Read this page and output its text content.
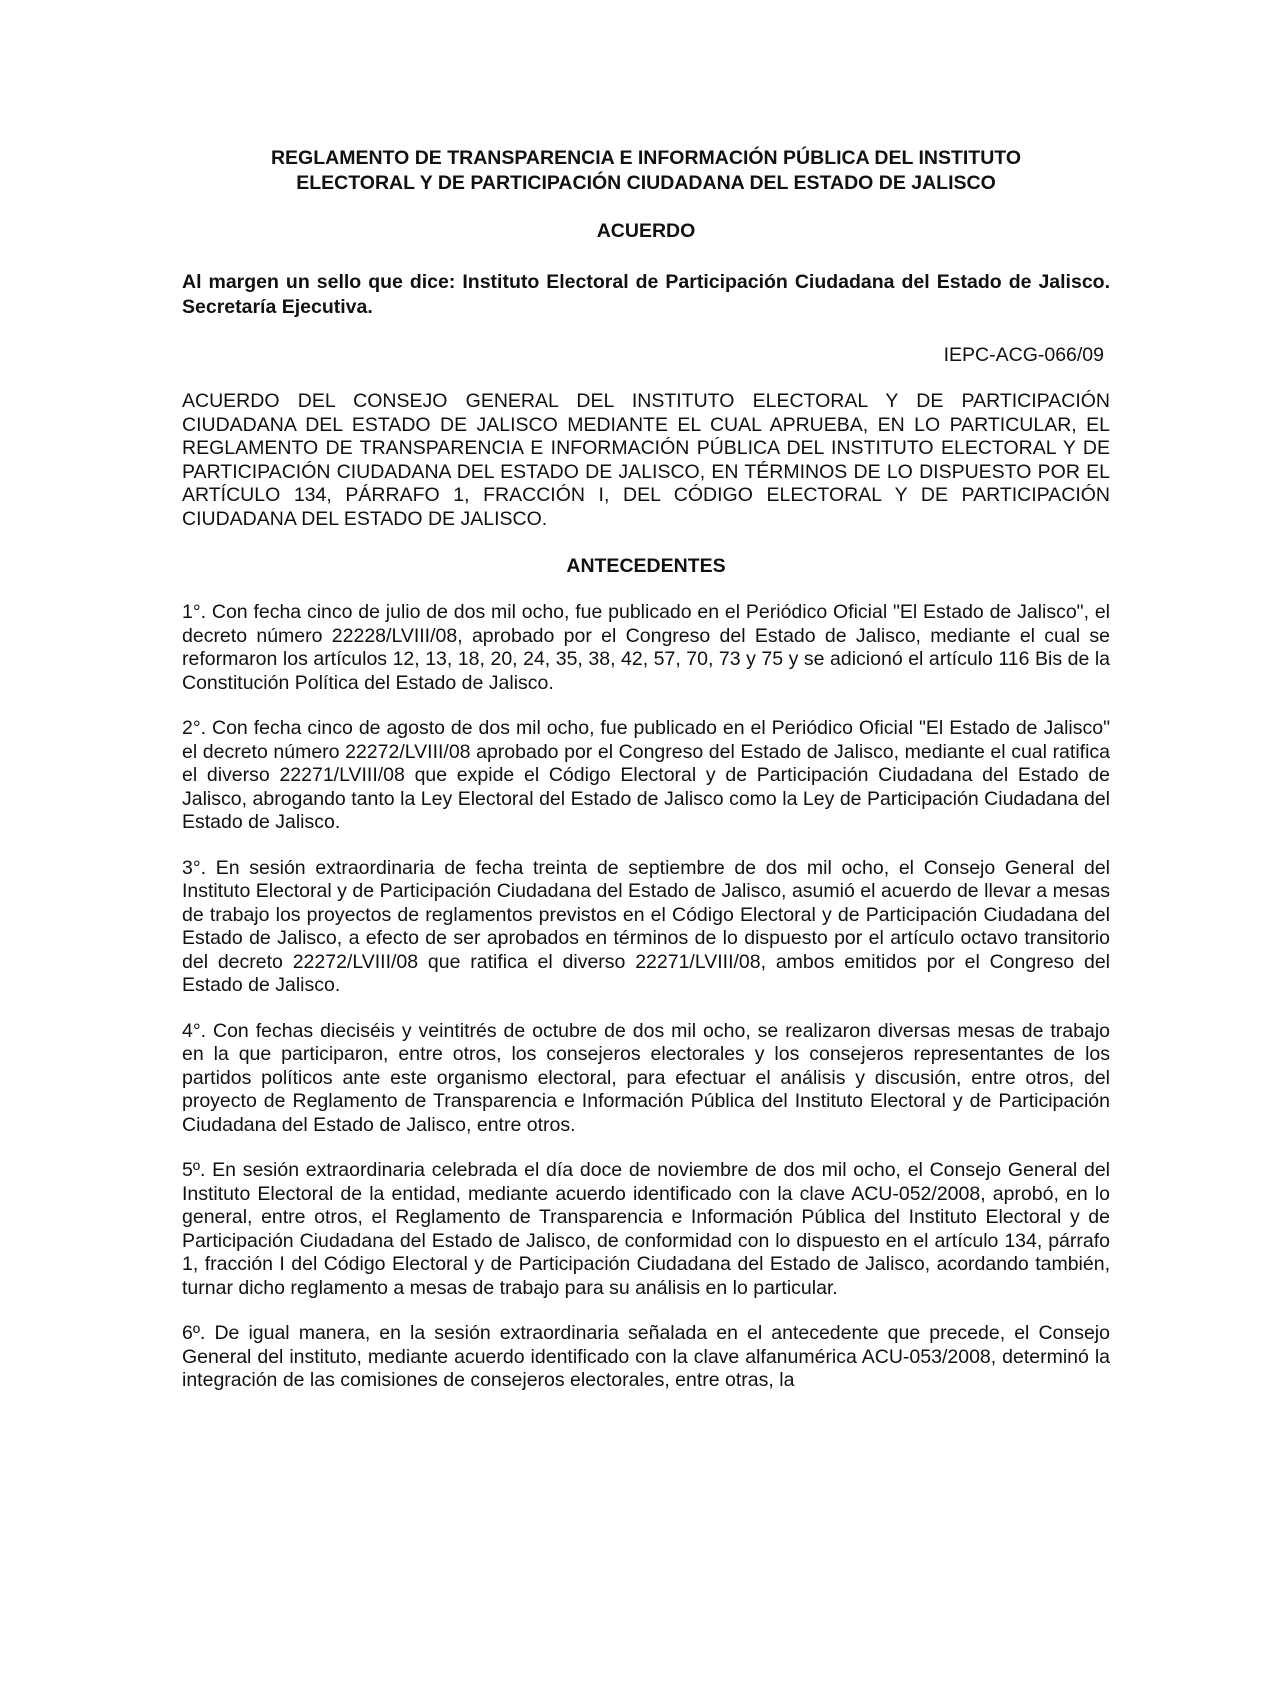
REGLAMENTO DE TRANSPARENCIA E INFORMACIÓN PÚBLICA DEL INSTITUTO

ELECTORAL Y DE PARTICIPACIÓN CIUDADANA DEL ESTADO DE JALISCO

ACUERDO

Al margen un sello que dice: Instituto Electoral de Participación Ciudadana del Estado de Jalisco. Secretaría Ejecutiva.

IEPC-ACG-066/09

ACUERDO DEL CONSEJO GENERAL DEL INSTITUTO ELECTORAL Y DE PARTICIPACIÓN CIUDADANA DEL ESTADO DE JALISCO MEDIANTE EL CUAL APRUEBA, EN LO PARTICULAR, EL REGLAMENTO DE TRANSPARENCIA E INFORMACIÓN PÚBLICA DEL INSTITUTO ELECTORAL Y DE PARTICIPACIÓN CIUDADANA DEL ESTADO DE JALISCO, EN TÉRMINOS DE LO DISPUESTO POR EL ARTÍCULO 134, PÁRRAFO 1, FRACCIÓN I, DEL CÓDIGO ELECTORAL Y DE PARTICIPACIÓN CIUDADANA DEL ESTADO DE JALISCO.

ANTECEDENTES

1°. Con fecha cinco de julio de dos mil ocho, fue publicado en el Periódico Oficial "El Estado de Jalisco", el decreto número 22228/LVIII/08, aprobado por el Congreso del Estado de Jalisco, mediante el cual se reformaron los artículos 12, 13, 18, 20, 24, 35, 38, 42, 57, 70, 73 y 75 y se adicionó el artículo 116 Bis de la Constitución Política del Estado de Jalisco.

2°. Con fecha cinco de agosto de dos mil ocho, fue publicado en el Periódico Oficial "El Estado de Jalisco" el decreto número 22272/LVIII/08 aprobado por el Congreso del Estado de Jalisco, mediante el cual ratifica el diverso 22271/LVIII/08 que expide el Código Electoral y de Participación Ciudadana del Estado de Jalisco, abrogando tanto la Ley Electoral del Estado de Jalisco como la Ley de Participación Ciudadana del Estado de Jalisco.

3°. En sesión extraordinaria de fecha treinta de septiembre de dos mil ocho, el Consejo General del Instituto Electoral y de Participación Ciudadana del Estado de Jalisco, asumió el acuerdo de llevar a mesas de trabajo los proyectos de reglamentos previstos en el Código Electoral y de Participación Ciudadana del Estado de Jalisco, a efecto de ser aprobados en términos de lo dispuesto por el artículo octavo transitorio del decreto 22272/LVIII/08 que ratifica el diverso 22271/LVIII/08, ambos emitidos por el Congreso del Estado de Jalisco.

4°. Con fechas dieciséis y veintitrés de octubre de dos mil ocho, se realizaron diversas mesas de trabajo en la que participaron, entre otros, los consejeros electorales y los consejeros representantes de los partidos políticos ante este organismo electoral, para efectuar el análisis y discusión, entre otros, del proyecto de Reglamento de Transparencia e Información Pública del Instituto Electoral y de Participación Ciudadana del Estado de Jalisco, entre otros.

5º. En sesión extraordinaria celebrada el día doce de noviembre de dos mil ocho, el Consejo General del Instituto Electoral de la entidad, mediante acuerdo identificado con la clave ACU-052/2008, aprobó, en lo general, entre otros, el Reglamento de Transparencia e Información Pública del Instituto Electoral y de Participación Ciudadana del Estado de Jalisco, de conformidad con lo dispuesto en el artículo 134, párrafo 1, fracción I del Código Electoral y de Participación Ciudadana del Estado de Jalisco, acordando también, turnar dicho reglamento a mesas de trabajo para su análisis en lo particular.

6º. De igual manera, en la sesión extraordinaria señalada en el antecedente que precede, el Consejo General del instituto, mediante acuerdo identificado con la clave alfanumérica ACU-053/2008, determinó la integración de las comisiones de consejeros electorales, entre otras, la
